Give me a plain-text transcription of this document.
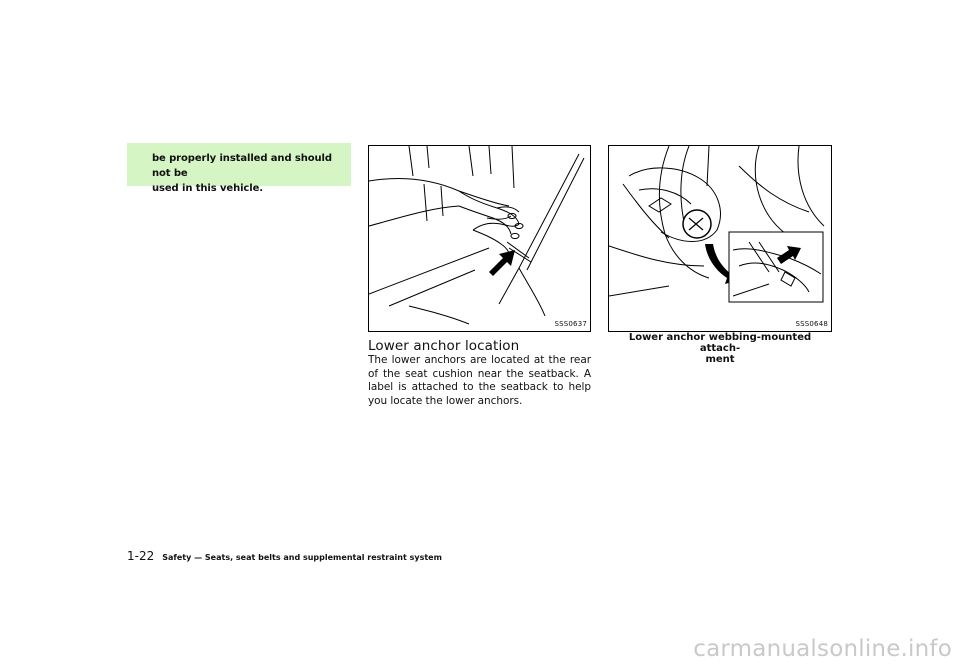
be properly installed and should not be
used in this vehicle.

SSS0637
Lower anchor location

The lower anchors are located at the rear of the seat cushion near the seatback. A label is attached to the seatback to help you locate the lower anchors.

SSS0648

Lower anchor webbing-mounted attach-
ment

1-22 Safety — Seats, seat belts and supplemental restraint system
carmanualsonline.info
